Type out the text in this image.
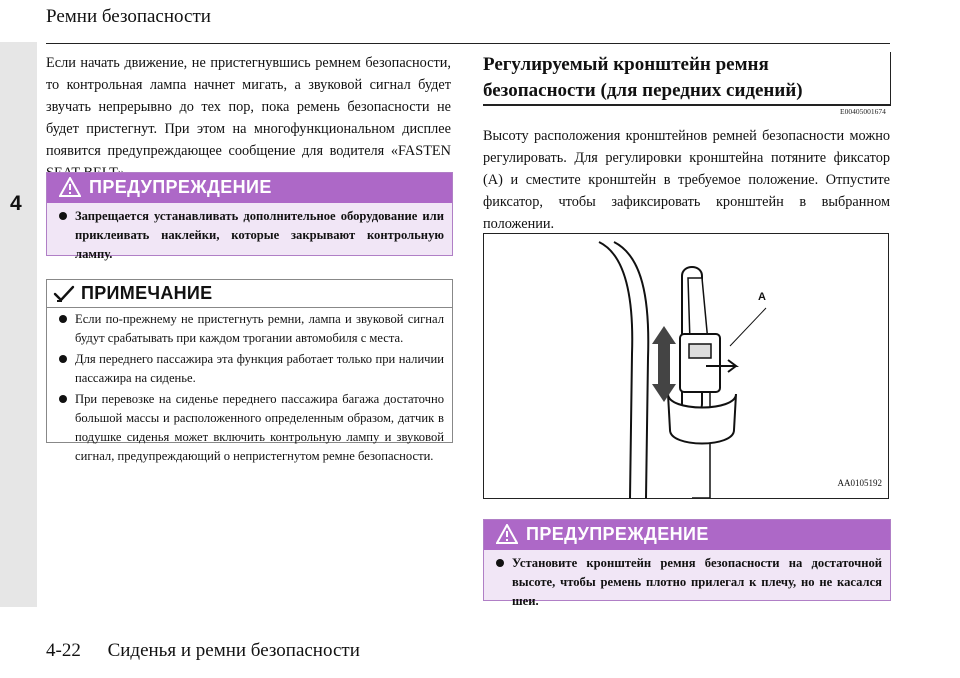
4
Ремни безопасности
Если начать движение, не пристегнувшись ремнем безопасности, то контрольная лампа начнет мигать, а звуковой сигнал будет звучать непрерывно до тех пор, пока ремень безопасности не будет пристегнут. При этом на многофункциональном дисплее появится предупреждающее сообщение для водителя «FASTEN
ПРЕДУПРЕЖДЕНИЕ
Запрещается устанавливать дополнительное оборудование или приклеивать наклейки, которые закрывают контрольную лампу.
ПРИМЕЧАНИЕ
Если по-прежнему не пристегнуть ремни, лампа и звуковой сигнал будут срабатывать при каждом трогании автомобиля с места.
Для переднего пассажира эта функция работает только при наличии пассажира на сиденье.
При перевозке на сиденье переднего пассажира багажа достаточно большой массы и расположенного определенным образом, датчик в подушке сиденья может включить контрольную лампу и звуковой сигнал, предупреждающий о непристегнутом ремне безопасности.
Регулируемый кронштейн ремня
безопасности (для передних сидений)
E00405001674
Высоту расположения кронштейнов ремней безопасности можно регулировать. Для регулировки кронштейна потяните фиксатор (A) и сместите кронштейн в требуемое положение. Отпустите фиксатор, чтобы зафиксировать кронштейн в выбранном положении.
A
AA0105192
ПРЕДУПРЕЖДЕНИЕ
Установите кронштейн ремня безопасности на достаточной высоте, чтобы ремень плотно прилегал к плечу, но не касался шеи.
4-22 Сиденья и ремни безопасности
